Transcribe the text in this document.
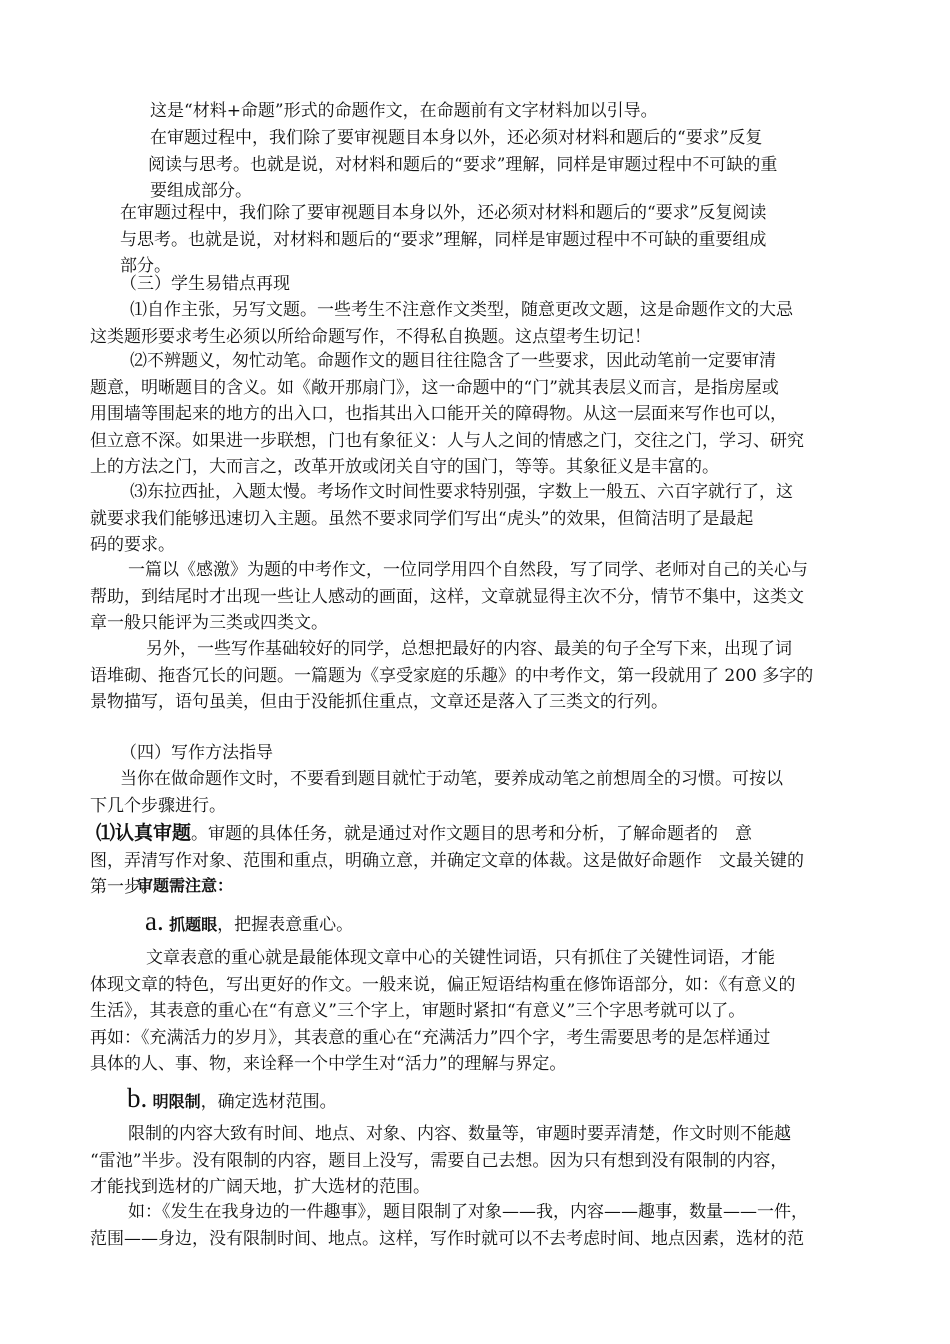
这是“材料+命题”形式的命题作文，在命题前有文字材料加以引导。

在审题过程中，我们除了要审视题目本身以外，还必须对材料和题后的“要求”反复
阅读与思考。也就是说，对材料和题后的“要求”理解，同样是审题过程中不可缺的重
要组成部分。

在审题过程中，我们除了要审视题目本身以外，还必须对材料和题后的“要求”反复阅读
与思考。也就是说，对材料和题后的“要求”理解，同样是审题过程中不可缺的重要组成
部分。

（三）学生易错点再现

⑴自作主张，另写文题。一些考生不注意作文类型，随意更改文题，这是命题作文的大忌
这类题形要求考生必须以所给命题写作，不得私自换题。这点望考生切记！

⑵不辨题义，匆忙动笔。命题作文的题目往往隐含了一些要求，因此动笔前一定要审清
题意，明晰题目的含义。如《敞开那扇门》，这一命题中的“门”就其表层义而言，是指房屋或
用围墙等围起来的地方的出入口，也指其出入口能开关的障碍物。从这一层面来写作也可以，
但立意不深。如果进一步联想，门也有象征义：人与人之间的情感之门，交往之门，学习、研究
上的方法之门，大而言之，改革开放或闭关自守的国门，等等。其象征义是丰富的。

⑶东拉西扯，入题太慢。考场作文时间性要求特别强，字数上一般五、六百字就行了，这
就要求我们能够迅速切入主题。虽然不要求同学们写出“虎头”的效果，但简洁明了是最起
码的要求。

一篇以《感激》为题的中考作文，一位同学用四个自然段，写了同学、老师对自己的关心与
帮助，到结尾时才出现一些让人感动的画面，这样，文章就显得主次不分，情节不集中，这类文
章一般只能评为三类或四类文。

另外，一些写作基础较好的同学，总想把最好的内容、最美的句子全写下来，出现了词
语堆砌、拖沓冗长的问题。一篇题为《享受家庭的乐趣》的中考作文，第一段就用了 200 多字的
景物描写，语句虽美，但由于没能抓住重点，文章还是落入了三类文的行列。

（四）写作方法指导

当你在做命题作文时，不要看到题目就忙于动笔，要养成动笔之前想周全的习惯。可按以
下几个步骤进行。

⑴认真审题。审题的具体任务，就是通过对作文题目的思考和分析，了解命题者的　意
图，弄清写作对象、范围和重点，明确立意，并确定文章的体裁。这是做好命题作　文最关键的
第一步。

审题需注意：

a. 抓题眼，把握表意重心。

文章表意的重心就是最能体现文章中心的关键性词语，只有抓住了关键性词语，才能
体现文章的特色，写出更好的作文。一般来说，偏正短语结构重在修饰语部分，如：《有意义的
生活》，其表意的重心在“有意义”三个字上，审题时紧扣“有意义”三个字思考就可以了。
再如：《充满活力的岁月》，其表意的重心在“充满活力”四个字，考生需要思考的是怎样通过
具体的人、事、物，来诠释一个中学生对“活力”的理解与界定。

b. 明限制，确定选材范围。

限制的内容大致有时间、地点、对象、内容、数量等，审题时要弄清楚，作文时则不能越
“雷池”半步。没有限制的内容，题目上没写，需要自己去想。因为只有想到没有限制的内容，
才能找到选材的广阔天地，扩大选材的范围。

如：《发生在我身边的一件趣事》，题目限制了对象——我，内容——趣事，数量——一件，
范围——身边，没有限制时间、地点。这样，写作时就可以不去考虑时间、地点因素，选材的范
